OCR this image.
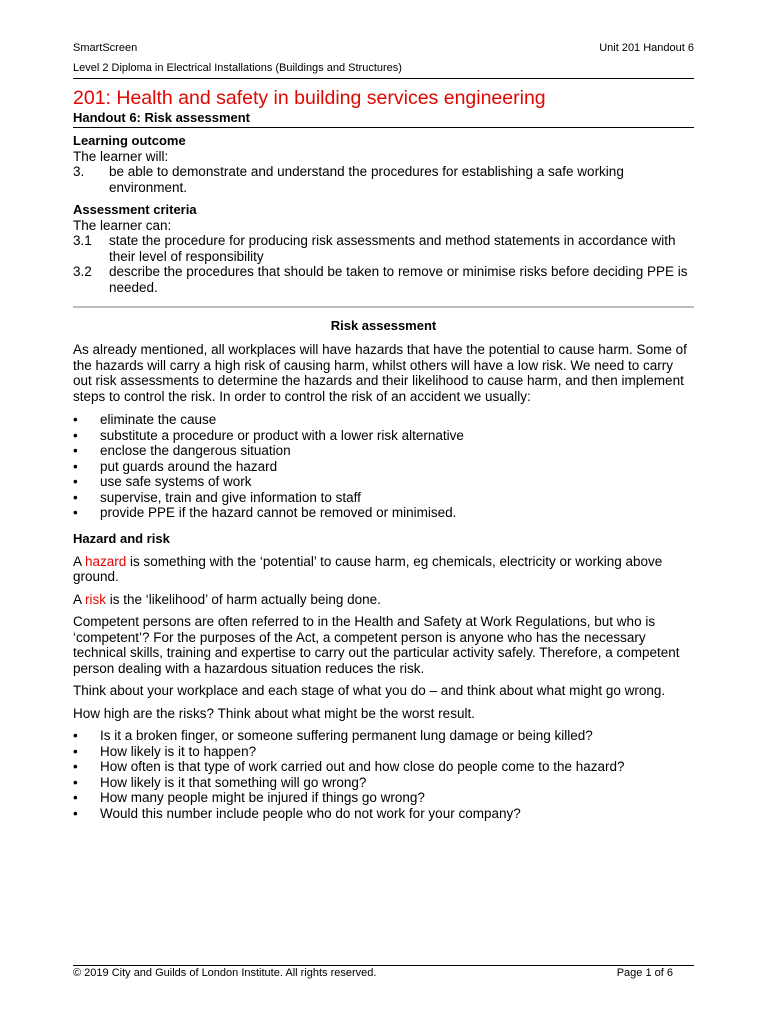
SmartScreen	Unit 201 Handout 6
Level 2 Diploma in Electrical Installations (Buildings and Structures)
201: Health and safety in building services engineering
Handout 6: Risk assessment
Learning outcome
The learner will:
3.	be able to demonstrate and understand the procedures for establishing a safe working environment.
Assessment criteria
The learner can:
3.1	state the procedure for producing risk assessments and method statements in accordance with their level of responsibility
3.2	describe the procedures that should be taken to remove or minimise risks before deciding PPE is needed.
Risk assessment

As already mentioned, all workplaces will have hazards that have the potential to cause harm. Some of the hazards will carry a high risk of causing harm, whilst others will have a low risk. We need to carry out risk assessments to determine the hazards and their likelihood to cause harm, and then implement steps to control the risk. In order to control the risk of an accident we usually:

•	eliminate the cause
•	substitute a procedure or product with a lower risk alternative
•	enclose the dangerous situation
•	put guards around the hazard
•	use safe systems of work
•	supervise, train and give information to staff
•	provide PPE if the hazard cannot be removed or minimised.
Hazard and risk

A hazard is something with the ‘potential’ to cause harm, eg chemicals, electricity or working above ground.

A risk is the ‘likelihood’ of harm actually being done.

Competent persons are often referred to in the Health and Safety at Work Regulations, but who is ‘competent’? For the purposes of the Act, a competent person is anyone who has the necessary technical skills, training and expertise to carry out the particular activity safely. Therefore, a competent person dealing with a hazardous situation reduces the risk.

Think about your workplace and each stage of what you do – and think about what might go wrong.

How high are the risks? Think about what might be the worst result.

•	Is it a broken finger, or someone suffering permanent lung damage or being killed?
•	How likely is it to happen?
•	How often is that type of work carried out and how close do people come to the hazard?
•	How likely is it that something will go wrong?
•	How many people might be injured if things go wrong?
•	Would this number include people who do not work for your company?
© 2019 City and Guilds of London Institute. All rights reserved.	Page 1 of 6
